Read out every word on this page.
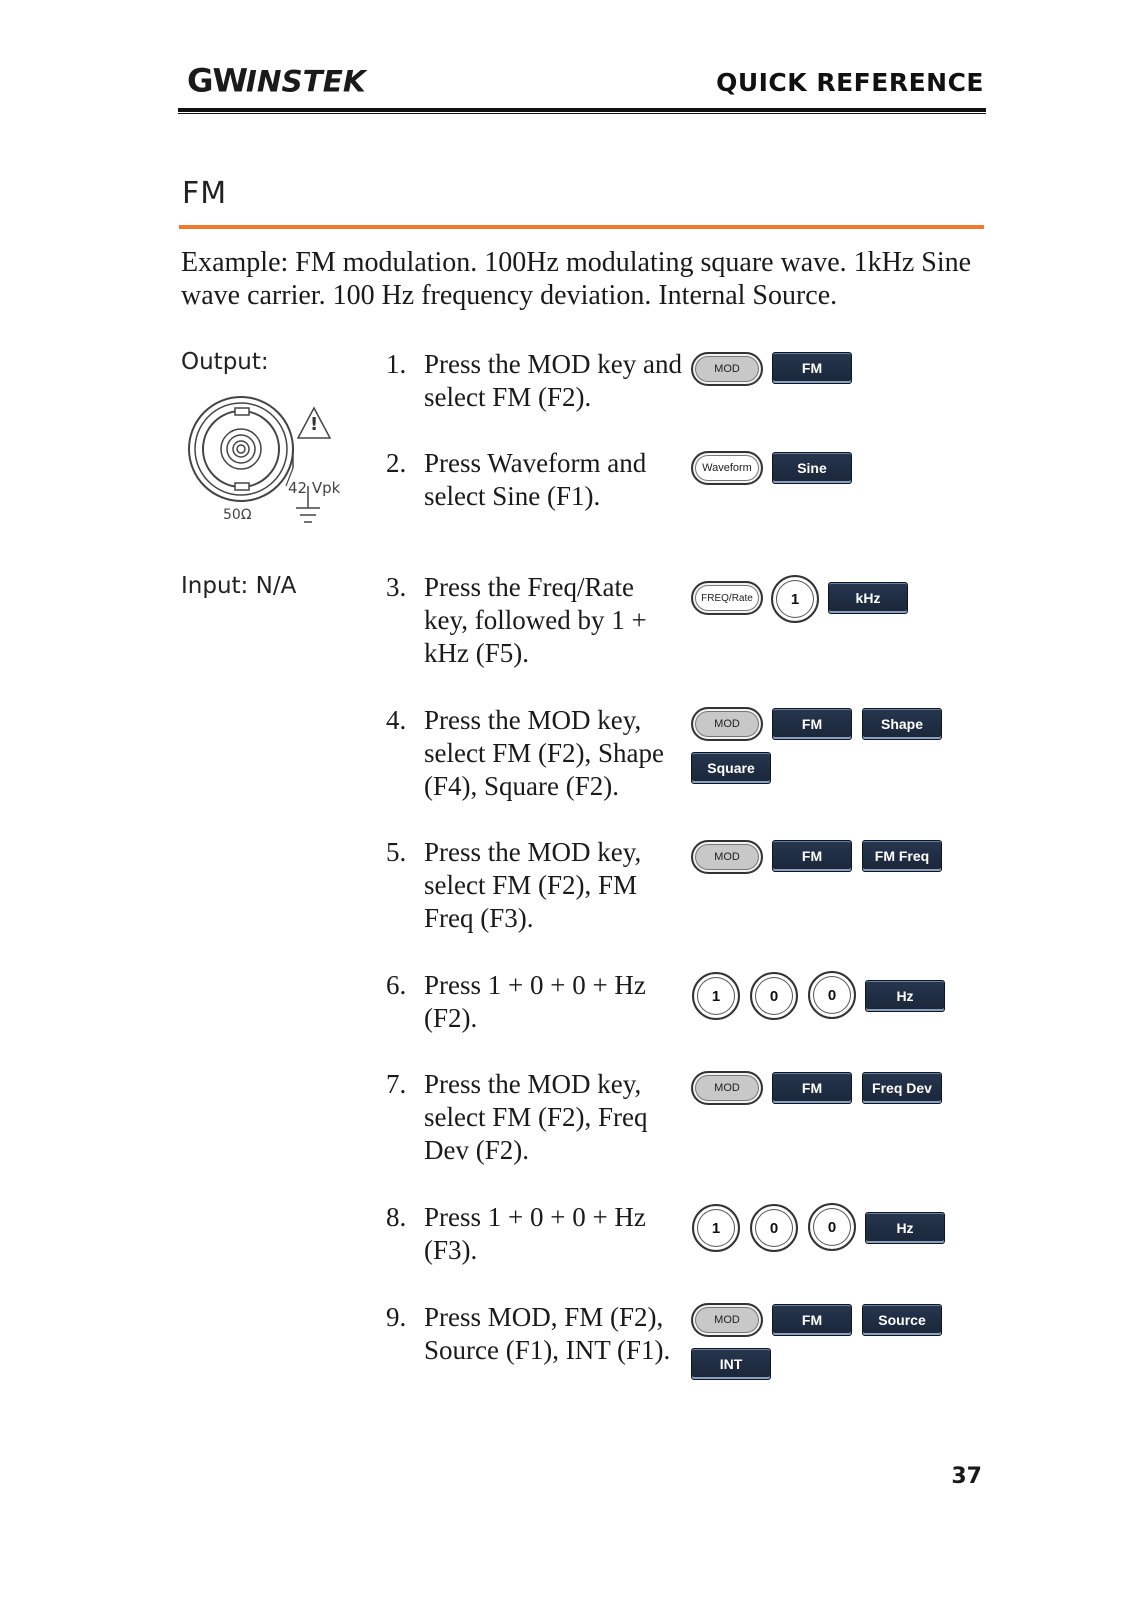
GW
INSTEK	QUICK REFERENCE
FM
Example: FM modulation. 100Hz modulating square wave. 1kHz Sine wave carrier. 100 Hz frequency deviation. Internal Source.
Output:
!
42 Vpk
50Ω
Input: N/A
1. Press the MOD key and select FM (F2).
MOD	FM
2. Press Waveform and select Sine (F1).
Waveform	Sine
3. Press the Freq/Rate key, followed by 1 + kHz (F5).
FREQ/Rate	1	kHz
4. Press the MOD key, select FM (F2), Shape (F4), Square (F2).
MOD	FM	Shape
Square
5. Press the MOD key, select FM (F2), FM Freq (F3).
MOD	FM	FM Freq
6. Press 1 + 0 + 0 + Hz (F2).
1	0	0	Hz
7. Press the MOD key, select FM (F2), Freq Dev (F2).
MOD	FM	Freq Dev
8. Press 1 + 0 + 0 + Hz (F3).
1	0	0	Hz
9. Press MOD, FM (F2), Source (F1), INT (F1).
MOD	FM	Source
INT
37
